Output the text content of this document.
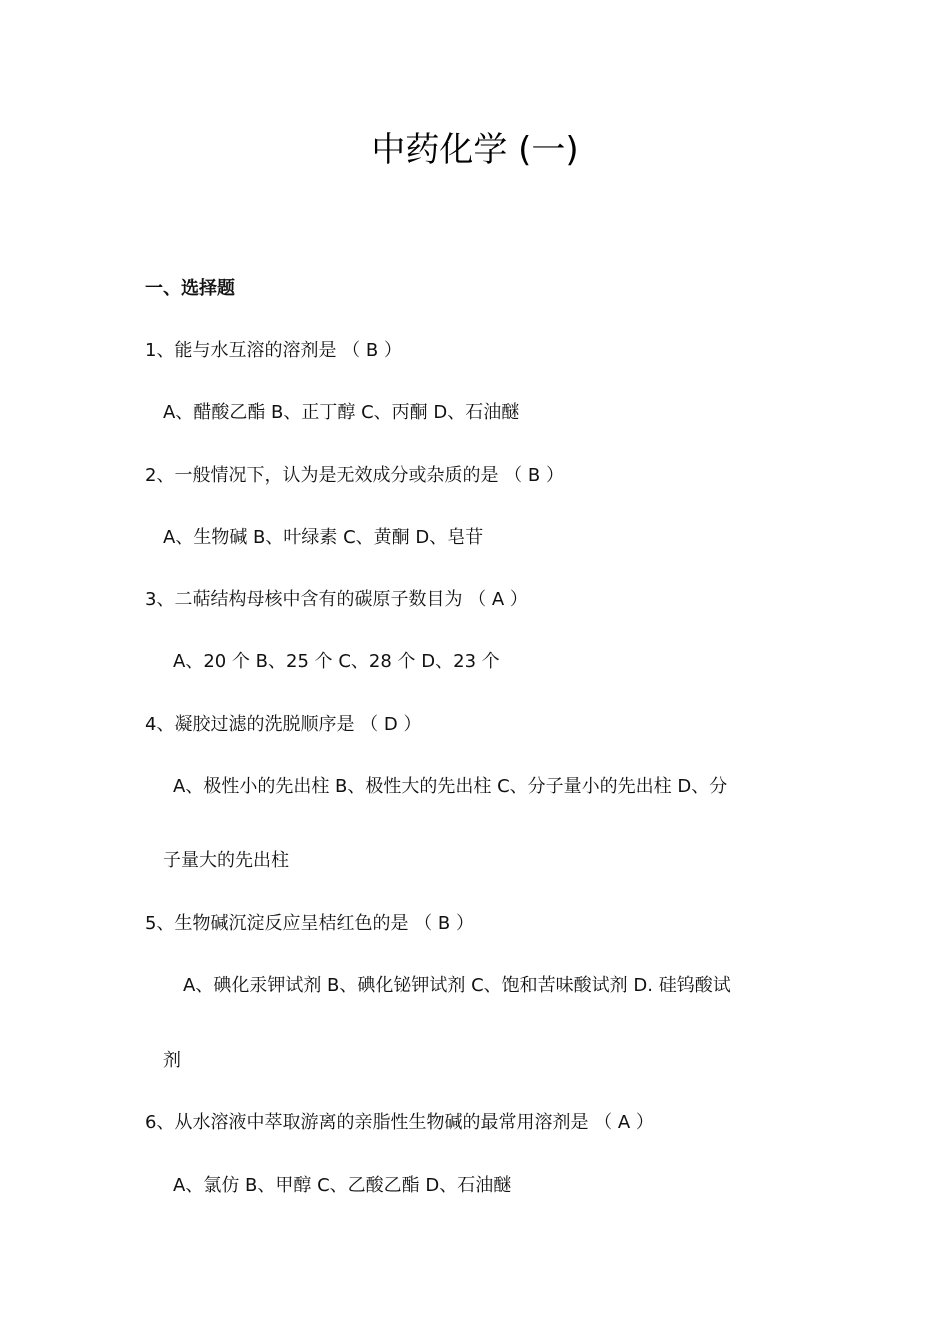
中药化学 (一)
一、选择题
1、能与水互溶的溶剂是 （ B ）
A、醋酸乙酯 B、正丁醇 C、丙酮 D、石油醚
2、一般情况下，认为是无效成分或杂质的是 （ B ）
A、生物碱 B、叶绿素 C、黄酮 D、皂苷
3、二萜结构母核中含有的碳原子数目为 （ A ）
A、20 个 B、25 个 C、28 个 D、23 个
4、凝胶过滤的洗脱顺序是 （ D ）
A、极性小的先出柱 B、极性大的先出柱 C、分子量小的先出柱 D、分
子量大的先出柱
5、生物碱沉淀反应呈桔红色的是 （ B ）
A、碘化汞钾试剂 B、碘化铋钾试剂 C、饱和苦味酸试剂 D. 硅钨酸试
剂
6、从水溶液中萃取游离的亲脂性生物碱的最常用溶剂是 （ A ）
A、氯仿 B、甲醇 C、乙酸乙酯 D、石油醚
